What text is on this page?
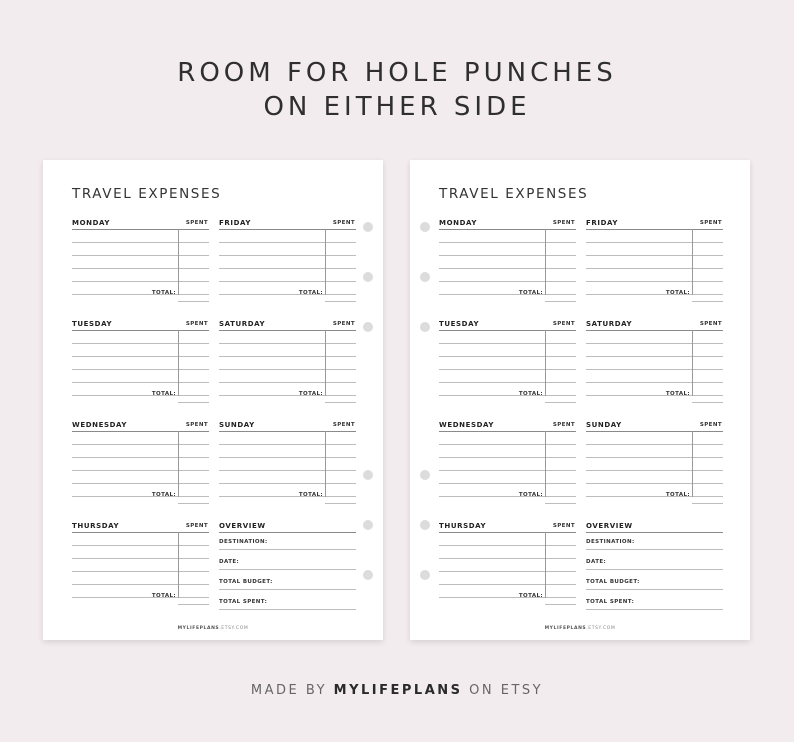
ROOM FOR HOLE PUNCHES
ON EITHER SIDE
TRAVEL EXPENSES
MONDAY	SPENT
TOTAL:
FRIDAY	SPENT
TOTAL:
TUESDAY	SPENT
TOTAL:
SATURDAY	SPENT
TOTAL:
WEDNESDAY	SPENT
TOTAL:
SUNDAY	SPENT
TOTAL:
THURSDAY	SPENT
TOTAL:
OVERVIEW
DESTINATION:
DATE:
TOTAL BUDGET:
TOTAL SPENT:
MYLIFEPLANS.ETSY.COM
TRAVEL EXPENSES
MONDAY	SPENT
TOTAL:
FRIDAY	SPENT
TOTAL:
TUESDAY	SPENT
TOTAL:
SATURDAY	SPENT
TOTAL:
WEDNESDAY	SPENT
TOTAL:
SUNDAY	SPENT
TOTAL:
THURSDAY	SPENT
TOTAL:
OVERVIEW
DESTINATION:
DATE:
TOTAL BUDGET:
TOTAL SPENT:
MYLIFEPLANS.ETSY.COM
MADE BY MYLIFEPLANS ON ETSY
